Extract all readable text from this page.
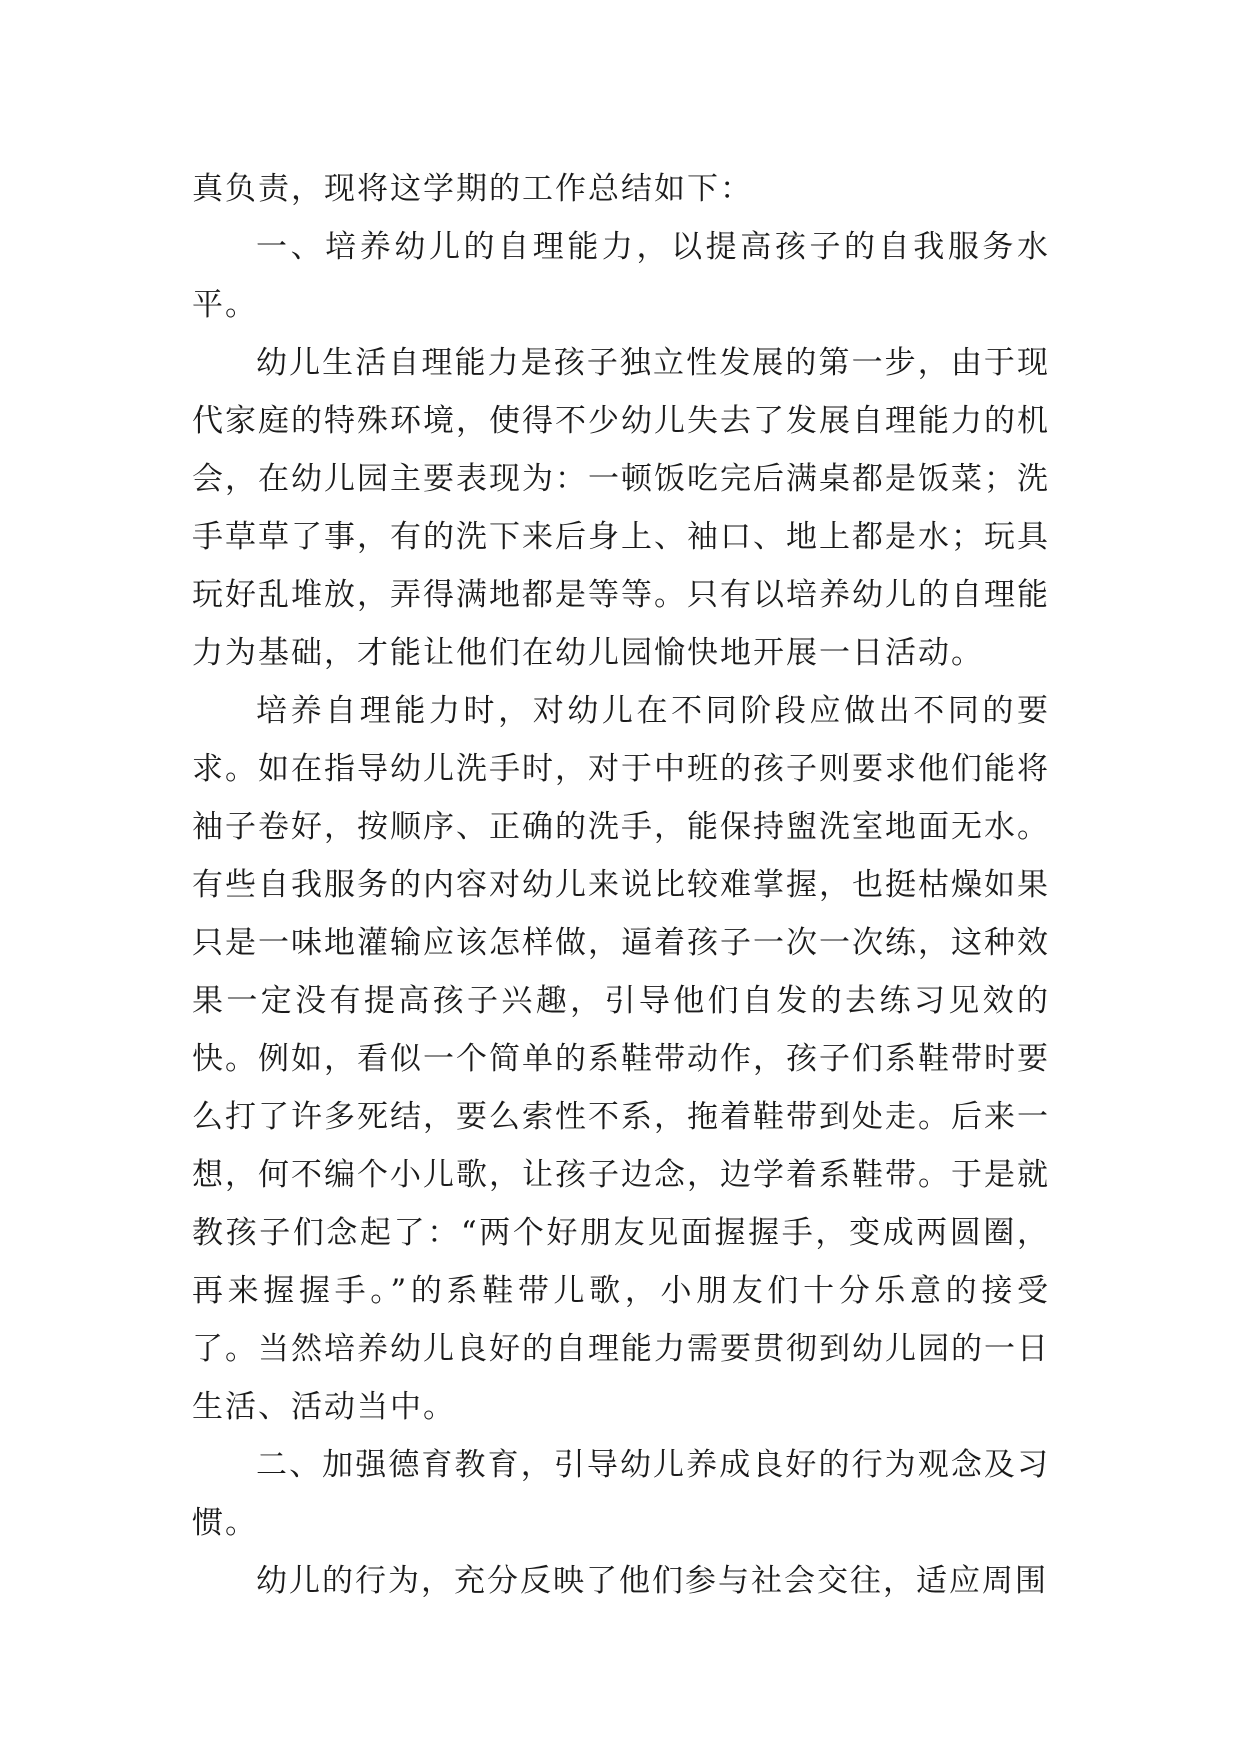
真负责，现将这学期的工作总结如下：

一、培养幼儿的自理能力，以提高孩子的自我服务水平。

幼儿生活自理能力是孩子独立性发展的第一步，由于现代家庭的特殊环境，使得不少幼儿失去了发展自理能力的机会，在幼儿园主要表现为：一顿饭吃完后满桌都是饭菜；洗手草草了事，有的洗下来后身上、袖口、地上都是水；玩具玩好乱堆放，弄得满地都是等等。只有以培养幼儿的自理能力为基础，才能让他们在幼儿园愉快地开展一日活动。

培养自理能力时，对幼儿在不同阶段应做出不同的要求。如在指导幼儿洗手时，对于中班的孩子则要求他们能将袖子卷好，按顺序、正确的洗手，能保持盥洗室地面无水。有些自我服务的内容对幼儿来说比较难掌握，也挺枯燥如果只是一味地灌输应该怎样做，逼着孩子一次一次练，这种效果一定没有提高孩子兴趣，引导他们自发的去练习见效的快。例如，看似一个简单的系鞋带动作，孩子们系鞋带时要么打了许多死结，要么索性不系，拖着鞋带到处走。后来一想，何不编个小儿歌，让孩子边念，边学着系鞋带。于是就教孩子们念起了：“两个好朋友见面握握手，变成两圆圈，再来握握手。”的系鞋带儿歌，小朋友们十分乐意的接受了。当然培养幼儿良好的自理能力需要贯彻到幼儿园的一日生活、活动当中。

二、加强德育教育，引导幼儿养成良好的行为观念及习惯。

幼儿的行为，充分反映了他们参与社会交往，适应周围
